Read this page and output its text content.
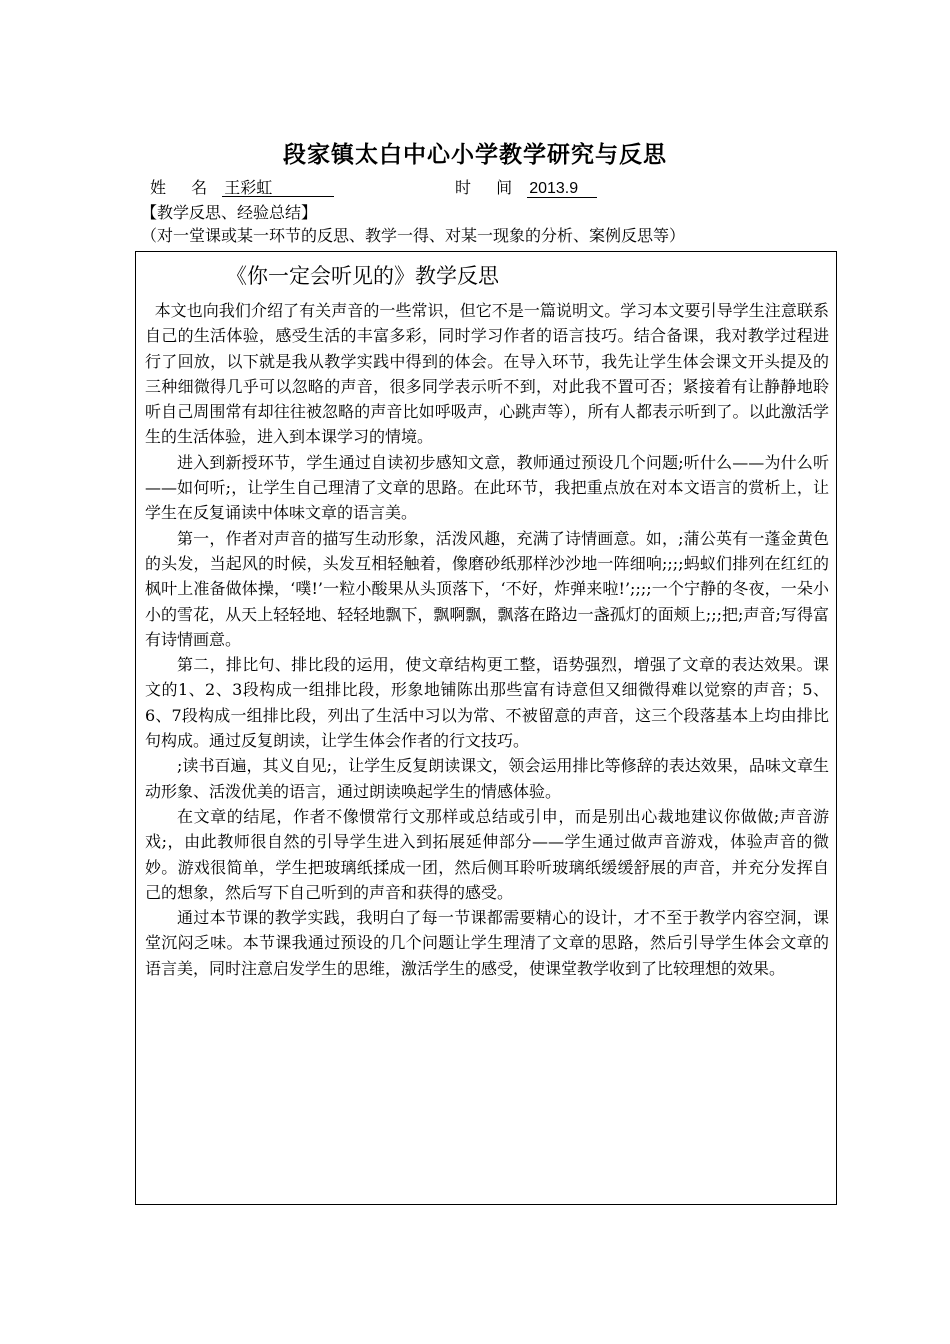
段家镇太白中心小学教学研究与反思
姓 名 王彩虹	时 间 2013.9
【教学反思、经验总结】
（对一堂课或某一环节的反思、教学一得、对某一现象的分析、案例反思等）
《你一定会听见的》教学反思

本文也向我们介绍了有关声音的一些常识，但它不是一篇说明文。学习本文要引导学生注意联系自己的生活体验，感受生活的丰富多彩，同时学习作者的语言技巧。结合备课，我对教学过程进行了回放，以下就是我从教学实践中得到的体会。在导入环节，我先让学生体会课文开头提及的三种细微得几乎可以忽略的声音，很多同学表示听不到，对此我不置可否；紧接着有让静静地聆听自己周围常有却往往被忽略的声音比如呼吸声，心跳声等），所有人都表示听到了。以此激活学生的生活体验，进入到本课学习的情境。

进入到新授环节，学生通过自读初步感知文意，教师通过预设几个问题;听什么——为什么听——如何听;，让学生自己理清了文章的思路。在此环节，我把重点放在对本文语言的赏析上，让学生在反复诵读中体味文章的语言美。

第一，作者对声音的描写生动形象，活泼风趣，充满了诗情画意。如，;蒲公英有一蓬金黄色的头发，当起风的时候，头发互相轻触着，像磨砂纸那样沙沙地一阵细响;;;;蚂蚁们排列在红红的枫叶上准备做体操，‘噗!’一粒小酸果从头顶落下，‘不好，炸弹来啦!’;;;;一个宁静的冬夜，一朵小小的雪花，从天上轻轻地、轻轻地飘下，飘啊飘，飘落在路边一盏孤灯的面颊上;;;把;声音;写得富有诗情画意。

第二，排比句、排比段的运用，使文章结构更工整，语势强烈，增强了文章的表达效果。课文的1、2、3段构成一组排比段，形象地铺陈出那些富有诗意但又细微得难以觉察的声音；5、6、7段构成一组排比段，列出了生活中习以为常、不被留意的声音，这三个段落基本上均由排比句构成。通过反复朗读，让学生体会作者的行文技巧。

;读书百遍，其义自见;，让学生反复朗读课文，领会运用排比等修辞的表达效果，品味文章生动形象、活泼优美的语言，通过朗读唤起学生的情感体验。

在文章的结尾，作者不像惯常行文那样或总结或引申，而是别出心裁地建议你做做;声音游戏;，由此教师很自然的引导学生进入到拓展延伸部分——学生通过做声音游戏，体验声音的微妙。游戏很简单，学生把玻璃纸揉成一团，然后侧耳聆听玻璃纸缓缓舒展的声音，并充分发挥自己的想象，然后写下自己听到的声音和获得的感受。

通过本节课的教学实践，我明白了每一节课都需要精心的设计，才不至于教学内容空洞，课堂沉闷乏味。本节课我通过预设的几个问题让学生理清了文章的思路，然后引导学生体会文章的语言美，同时注意启发学生的思维，激活学生的感受，使课堂教学收到了比较理想的效果。
